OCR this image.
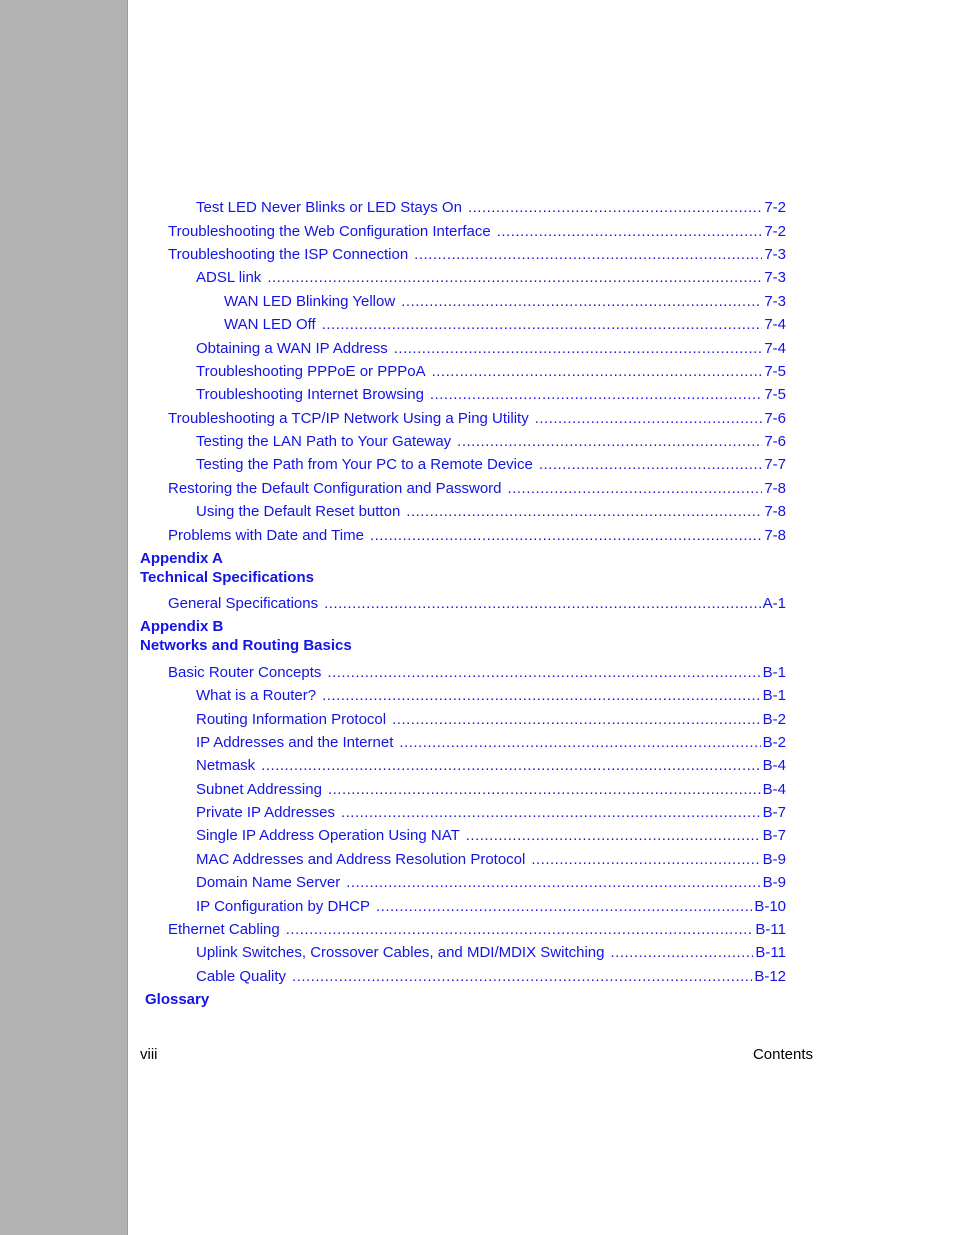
Test LED Never Blinks or LED Stays On .....	7-2
Troubleshooting the Web Configuration Interface .....	7-2
Troubleshooting the ISP Connection .....	7-3
ADSL link .....	7-3
WAN LED Blinking Yellow .....	7-3
WAN LED Off .....	7-4
Obtaining a WAN IP Address .....	7-4
Troubleshooting PPPoE or PPPoA .....	7-5
Troubleshooting Internet Browsing .....	7-5
Troubleshooting a TCP/IP Network Using a Ping Utility .....	7-6
Testing the LAN Path to Your Gateway .....	7-6
Testing the Path from Your PC to a Remote Device .....	7-7
Restoring the Default Configuration and Password .....	7-8
Using the Default Reset button .....	7-8
Problems with Date and Time .....	7-8
Appendix A
Technical Specifications
General Specifications .....	A-1
Appendix B
Networks and Routing Basics
Basic Router Concepts .....	B-1
What is a Router? .....	B-1
Routing Information Protocol .....	B-2
IP Addresses and the Internet .....	B-2
Netmask .....	B-4
Subnet Addressing .....	B-4
Private IP Addresses .....	B-7
Single IP Address Operation Using NAT .....	B-7
MAC Addresses and Address Resolution Protocol .....	B-9
Domain Name Server .....	B-9
IP Configuration by DHCP .....	B-10
Ethernet Cabling .....	B-11
Uplink Switches, Crossover Cables, and MDI/MDIX Switching .....	B-11
Cable Quality .....	B-12
Glossary
viii	Contents
